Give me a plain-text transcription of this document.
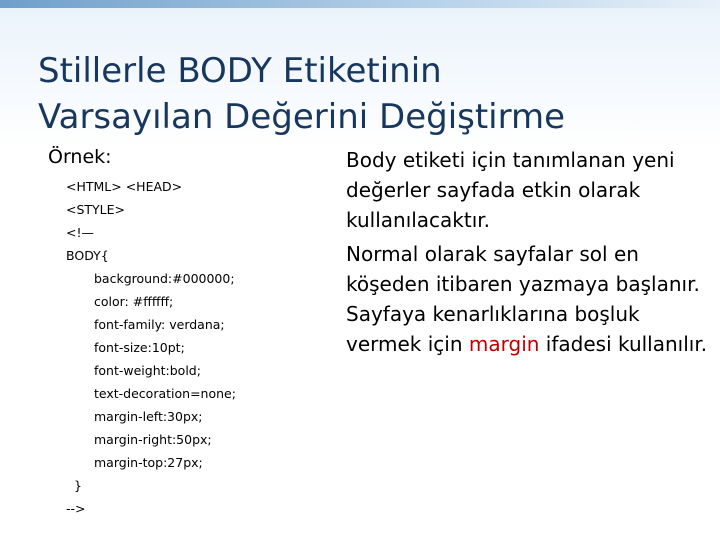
Stillerle BODY Etiketinin
Varsayılan Değerini Değiştirme
Örnek:
<HTML> <HEAD>
<STYLE>
<!—
BODY{
background:#000000;
color: #ffffff;
font-family: verdana;
font-size:10pt;
font-weight:bold;
text-decoration=none;
margin-left:30px;
margin-right:50px;
margin-top:27px;
}
-->
Body etiketi için tanımlanan yeni değerler sayfada etkin olarak kullanılacaktır.
Normal olarak sayfalar sol en köşeden itibaren yazmaya başlanır. Sayfaya kenarlıklarına boşluk vermek için margin ifadesi kullanılır.
